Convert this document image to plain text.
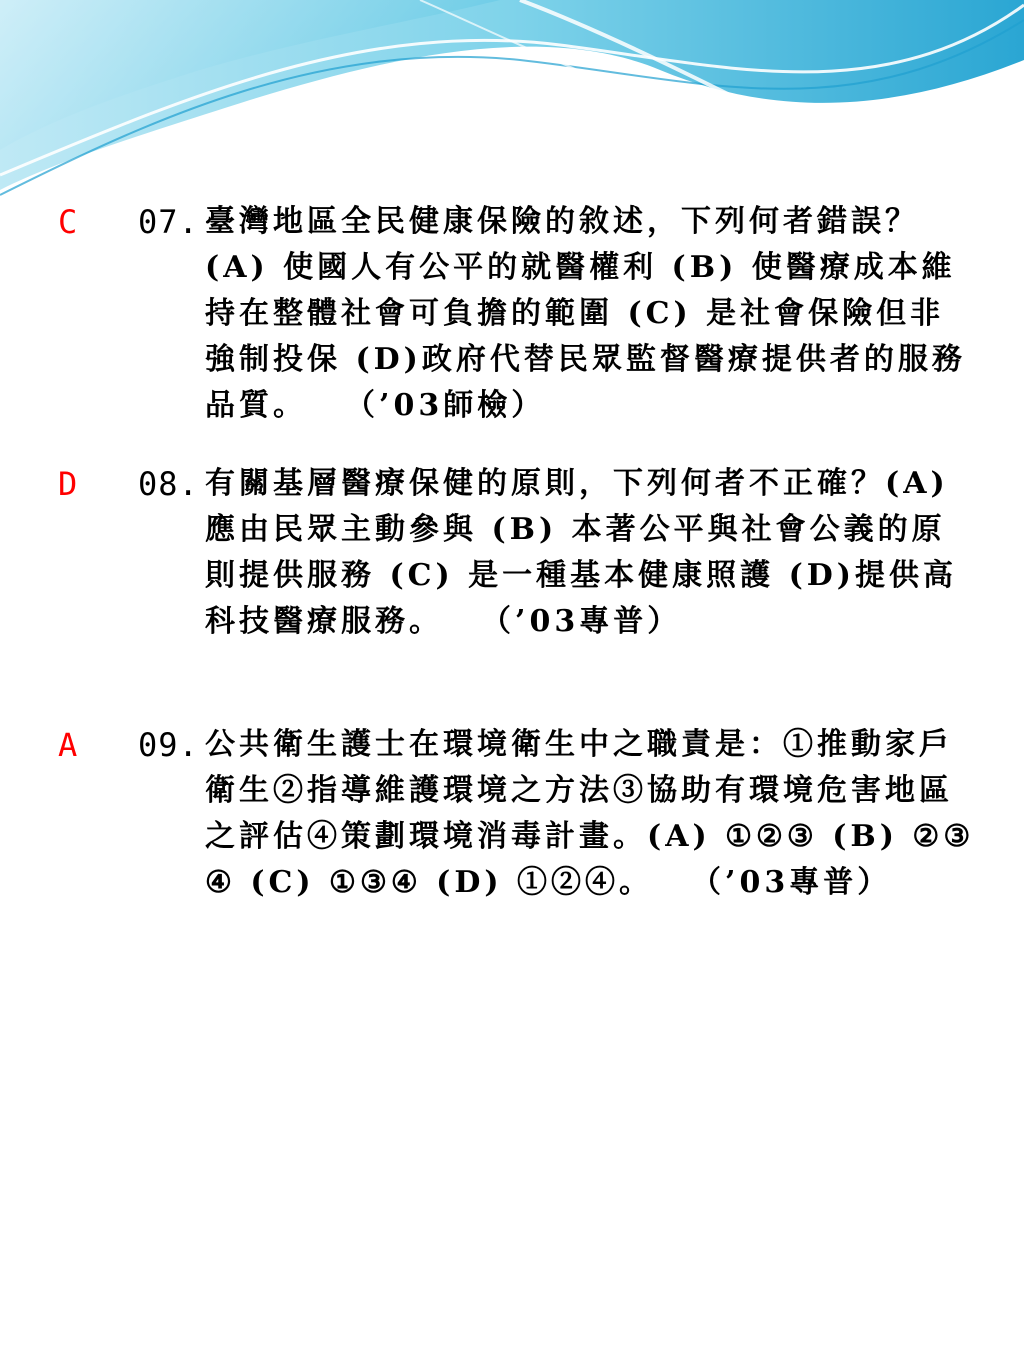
C 07. 臺灣地區全民健康保險的敘述，下列何者錯誤？(A) 使國人有公平的就醫權利 (B) 使醫療成本維持在整體社會可負擔的範圍 (C) 是社會保險但非強制投保 (D)政府代替民眾監督醫療提供者的服務品質。　　（’03師檢）
D 08. 有關基層醫療保健的原則，下列何者不正確？(A) 應由民眾主動參與 (B) 本著公平與社會公義的原則提供服務 (C) 是一種基本健康照護 (D)提供高科技醫療服務。　　（’03專普）
A 09. 公共衛生護士在環境衛生中之職責是：①推動家戶衛生②指導維護環境之方法③協助有環境危害地區之評估④策劃環境消毒計畫。(A) ①②③ (B) ②③④ (C) ①③④ (D) ①②④。　　（’03專普）
